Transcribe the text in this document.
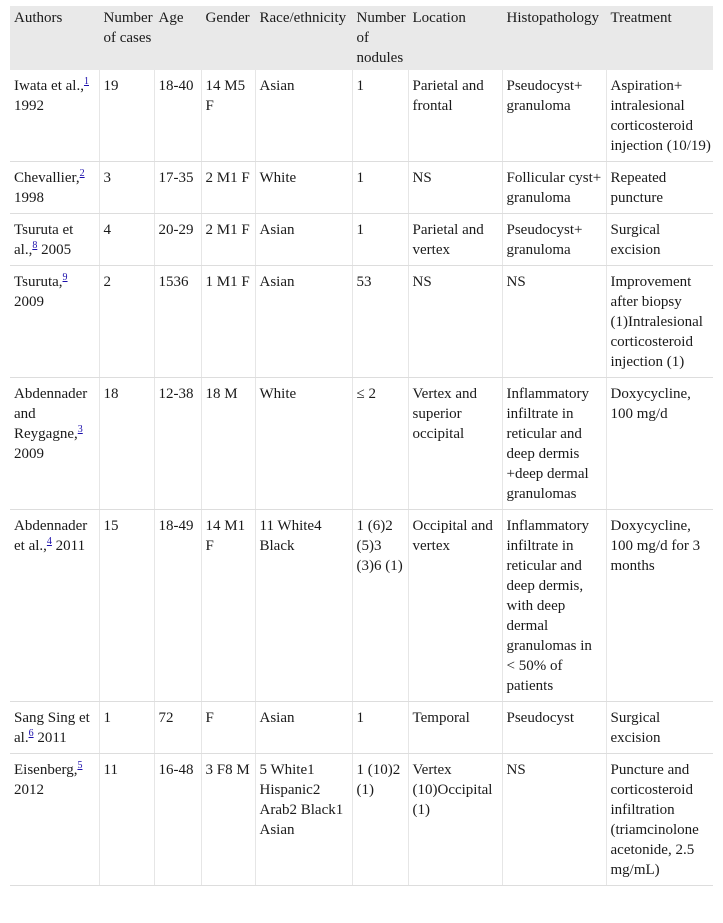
Authors	Number of cases	Age	Gender	Race/ethnicity	Number of nodules	Location	Histopathology	Treatment
Iwata et al.,$^1$ 1992	19	18-40	14 M5 F	Asian	1	Parietal and frontal	Pseudocyst+ granuloma	Aspiration+ intralesional corticosteroid injection (10/19)
Chevallier,$^2$ 1998	3	17-35	2 M1 F	White	1	NS	Follicular cyst+ granuloma	Repeated puncture
Tsuruta et al.,$^8$ 2005	4	20-29	2 M1 F	Asian	1	Parietal and vertex	Pseudocyst+ granuloma	Surgical excision
Tsuruta,$^9$ 2009	2	1536	1 M1 F	Asian	53	NS	NS	Improvement after biopsy (1)Intralesional corticosteroid injection (1)
Abdennader and Reygagne,$^3$ 2009	18	12-38	18 M	White	≤ 2	Vertex and superior occipital	Inflammatory infiltrate in reticular and deep dermis +deep dermal granulomas	Doxycycline, 100 mg/d
Abdennader et al.,$^4$ 2011	15	18-49	14 M1 F	11 White4 Black	1 (6)2 (5)3 (3)6 (1)	Occipital and vertex	Inflammatory infiltrate in reticular and deep dermis, with deep dermal granulomas in < 50% of patients	Doxycycline, 100 mg/d for 3 months
Sang Sing et al.$^6$ 2011	1	72	F	Asian	1	Temporal	Pseudocyst	Surgical excision
Eisenberg,$^5$ 2012	11	16-48	3 F8 M	5 White1 Hispanic2 Arab2 Black1 Asian	1 (10)2 (1)	Vertex (10)Occipital (1)	NS	Puncture and corticosteroid infiltration (triamcinolone acetonide, 2.5 mg/mL)
